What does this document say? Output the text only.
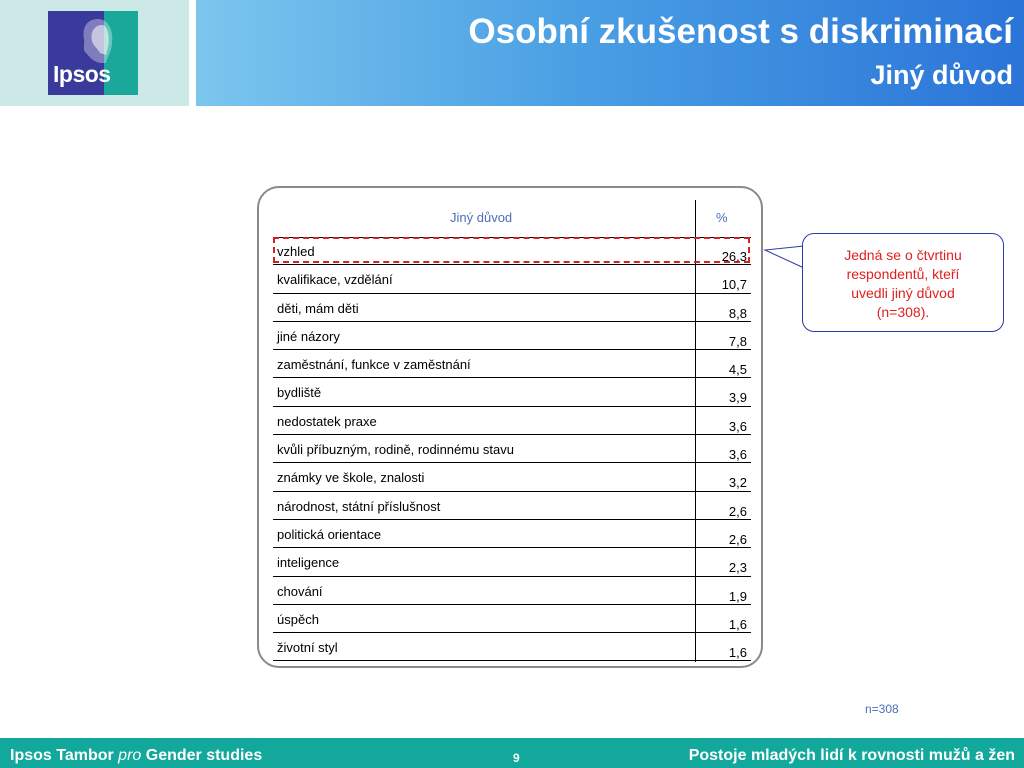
Ipsos
Osobní zkušenost s diskriminací
Jiný důvod
Jiný důvod	%
vzhled	26,3
kvalifikace, vzdělání	10,7
děti, mám děti	8,8
jiné názory	7,8
zaměstnání, funkce v zaměstnání	4,5
bydliště	3,9
nedostatek praxe	3,6
kvůli příbuzným, rodině, rodinnému stavu	3,6
známky ve škole, znalosti	3,2
národnost, státní příslušnost	2,6
politická orientace	2,6
inteligence	2,3
chování	1,9
úspěch	1,6
životní styl	1,6
Jedná se o čtvrtinu
respondentů, kteří
uvedli jiný důvod
(n=308).
n=308
Ipsos Tambor pro Gender studies	9	Postoje mladých lidí k rovnosti mužů a žen
